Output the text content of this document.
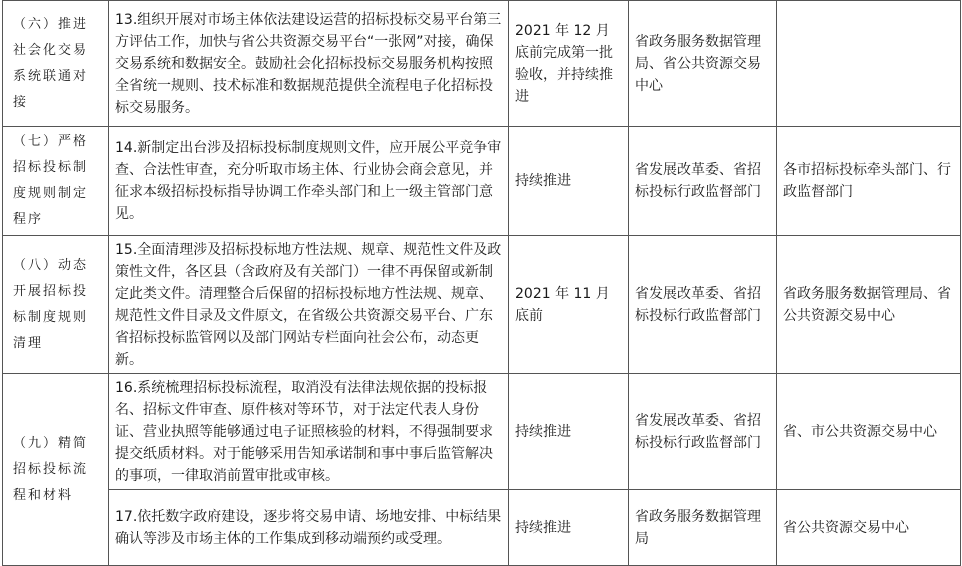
（六）推进社会化交易系统联通对接	13.组织开展对市场主体依法建设运营的招标投标交易平台第三方评估工作，加快与省公共资源交易平台“一张网”对接，确保交易系统和数据安全。鼓励社会化招标投标交易服务机构按照全省统一规则、技术标准和数据规范提供全流程电子化招标投标交易服务。	2021 年 12 月底前完成第一批验收，并持续推进	省政务服务数据管理局、省公共资源交易中心	
（七）严格招标投标制度规则制定程序	14.新制定出台涉及招标投标制度规则文件，应开展公平竞争审查、合法性审查，充分听取市场主体、行业协会商会意见，并征求本级招标投标指导协调工作牵头部门和上一级主管部门意见。	持续推进	省发展改革委、省招标投标行政监督部门	各市招标投标牵头部门、行政监督部门
（八）动态开展招标投标制度规则清理	15.全面清理涉及招标投标地方性法规、规章、规范性文件及政策性文件，各区县（含政府及有关部门）一律不再保留或新制定此类文件。清理整合后保留的招标投标地方性法规、规章、规范性文件目录及文件原文，在省级公共资源交易平台、广东省招标投标监管网以及部门网站专栏面向社会公布，动态更新。	2021 年 11 月底前	省发展改革委、省招标投标行政监督部门	省政务服务数据管理局、省公共资源交易中心
（九）精简招标投标流程和材料	16.系统梳理招标投标流程，取消没有法律法规依据的投标报名、招标文件审查、原件核对等环节，对于法定代表人身份证、营业执照等能够通过电子证照核验的材料，不得强制要求提交纸质材料。对于能够采用告知承诺制和事中事后监管解决的事项，一律取消前置审批或审核。	持续推进	省发展改革委、省招标投标行政监督部门	省、市公共资源交易中心
	17.依托数字政府建设，逐步将交易申请、场地安排、中标结果确认等涉及市场主体的工作集成到移动端预约或受理。	持续推进	省政务服务数据管理局	省公共资源交易中心
